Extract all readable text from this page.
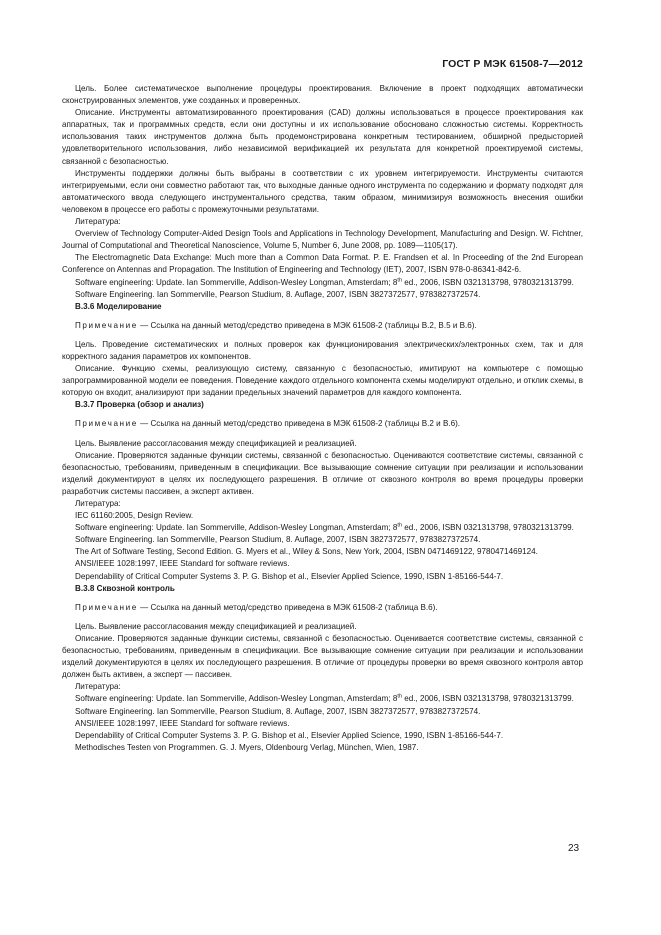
ГОСТ Р МЭК 61508-7—2012

Цель. Более систематическое выполнение процедуры проектирования. Включение в проект подходящих автоматически сконструированных элементов, уже созданных и проверенных.

Описание. Инструменты автоматизированного проектирования (CAD) должны использоваться в процессе проектирования как аппаратных, так и программных средств, если они доступны и их использование обосновано сложностью системы. Корректность использования таких инструментов должна быть продемонстрирована конкретным тестированием, обширной предысторией удовлетворительного использования, либо независимой верификацией их результата для конкретной проектируемой системы, связанной с безопасностью.

Инструменты поддержки должны быть выбраны в соответствии с их уровнем интегрируемости. Инструменты считаются интегрируемыми, если они совместно работают так, что выходные данные одного инструмента по содержанию и формату подходят для автоматического ввода следующего инструментального средства, таким образом, минимизируя возможность внесения ошибки человеком в процессе его работы с промежуточными результатами.

Литература:

Overview of Technology Computer-Aided Design Tools and Applications in Technology Development, Manufacturing and Design. W. Fichtner, Journal of Computational and Theoretical Nanoscience, Volume 5, Number 6, June 2008, pp. 1089—1105(17).

The Electromagnetic Data Exchange: Much more than a Common Data Format. P. E. Frandsen et al. In Proceeding of the 2nd European Conference on Antennas and Propagation. The Institution of Engineering and Technology (IET), 2007, ISBN 978-0-86341-842-6.

Software engineering: Update. Ian Sommerville, Addison-Wesley Longman, Amsterdam; 8th ed., 2006, ISBN 0321313798, 9780321313799.

Software Engineering. Ian Sommerville, Pearson Studium, 8. Auflage, 2007, ISBN 3827372577, 9783827372574.

В.3.6 Моделирование

Примечание — Ссылка на данный метод/средство приведена в МЭК 61508-2 (таблицы В.2, В.5 и В.6).

Цель. Проведение систематических и полных проверок как функционирования электрических/электронных схем, так и для корректного задания параметров их компонентов.

Описание. Функцию схемы, реализующую систему, связанную с безопасностью, имитируют на компьютере с помощью запрограммированной модели ее поведения. Поведение каждого отдельного компонента схемы моделируют отдельно, и отклик схемы, в которую он входит, анализируют при задании предельных значений параметров для каждого компонента.

В.3.7 Проверка (обзор и анализ)

Примечание — Ссылка на данный метод/средство приведена в МЭК 61508-2 (таблицы В.2 и В.6).

Цель. Выявление рассогласования между спецификацией и реализацией.

Описание. Проверяются заданные функции системы, связанной с безопасностью. Оцениваются соответствие системы, связанной с безопасностью, требованиям, приведенным в спецификации. Все вызывающие сомнение ситуации при реализации и использовании изделий документируют в целях их последующего разрешения. В отличие от сквозного контроля во время процедуры проверки разработчик системы пассивен, а эксперт активен.

Литература:

IEC 61160:2005, Design Review.

Software engineering: Update. Ian Sommerville, Addison-Wesley Longman, Amsterdam; 8th ed., 2006, ISBN 0321313798, 9780321313799.

Software Engineering. Ian Sommerville, Pearson Studium, 8. Auflage, 2007, ISBN 3827372577, 9783827372574.

The Art of Software Testing, Second Edition. G. Myers et al., Wiley & Sons, New York, 2004, ISBN 0471469122, 9780471469124.

ANSI/IEEE 1028:1997, IEEE Standard for software reviews.

Dependability of Critical Computer Systems 3. P. G. Bishop et al., Elsevier Applied Science, 1990, ISBN 1-85166-544-7.

В.3.8 Сквозной контроль

Примечание — Ссылка на данный метод/средство приведена в МЭК 61508-2 (таблица В.6).

Цель. Выявление рассогласования между спецификацией и реализацией.

Описание. Проверяются заданные функции системы, связанной с безопасностью. Оценивается соответствие системы, связанной с безопасностью, требованиям, приведенным в спецификации. Все вызывающие сомнение ситуации при реализации и использовании изделий документируются в целях их последующего разрешения. В отличие от процедуры проверки во время сквозного контроля автор должен быть активен, а эксперт — пассивен.

Литература:

Software engineering: Update. Ian Sommerville, Addison-Wesley Longman, Amsterdam; 8th ed., 2006, ISBN 0321313798, 9780321313799.

Software Engineering. Ian Sommerville, Pearson Studium, 8. Auflage, 2007, ISBN 3827372577, 9783827372574.

ANSI/IEEE 1028:1997, IEEE Standard for software reviews.

Dependability of Critical Computer Systems 3. P. G. Bishop et al., Elsevier Applied Science, 1990, ISBN 1-85166-544-7.

Methodisches Testen von Programmen. G. J. Myers, Oldenbourg Verlag, München, Wien, 1987.

23
